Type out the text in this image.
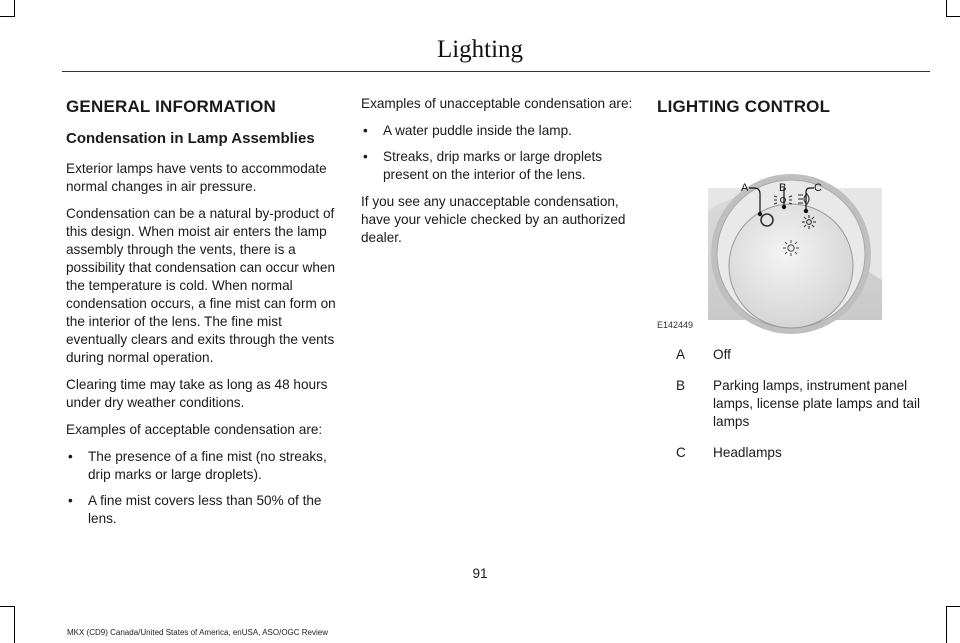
Lighting
GENERAL INFORMATION
Condensation in Lamp Assemblies

Exterior lamps have vents to accommodate normal changes in air pressure.

Condensation can be a natural by-product of this design. When moist air enters the lamp assembly through the vents, there is a possibility that condensation can occur when the temperature is cold. When normal condensation occurs, a fine mist can form on the interior of the lens. The fine mist eventually clears and exits through the vents during normal operation.

Clearing time may take as long as 48 hours under dry weather conditions.

Examples of acceptable condensation are:

• The presence of a fine mist (no streaks, drip marks or large droplets).
• A fine mist covers less than 50% of the lens.

Examples of unacceptable condensation are:

• A water puddle inside the lamp.
• Streaks, drip marks or large droplets present on the interior of the lens.

If you see any unacceptable condensation, have your vehicle checked by an authorized dealer.

LIGHTING CONTROL
A	B	C
E142449
A	Off
B	Parking lamps, instrument panel lamps, license plate lamps and tail lamps
C	Headlamps
91
MKX (CD9) Canada/United States of America, enUSA, ASO/OGC Review
